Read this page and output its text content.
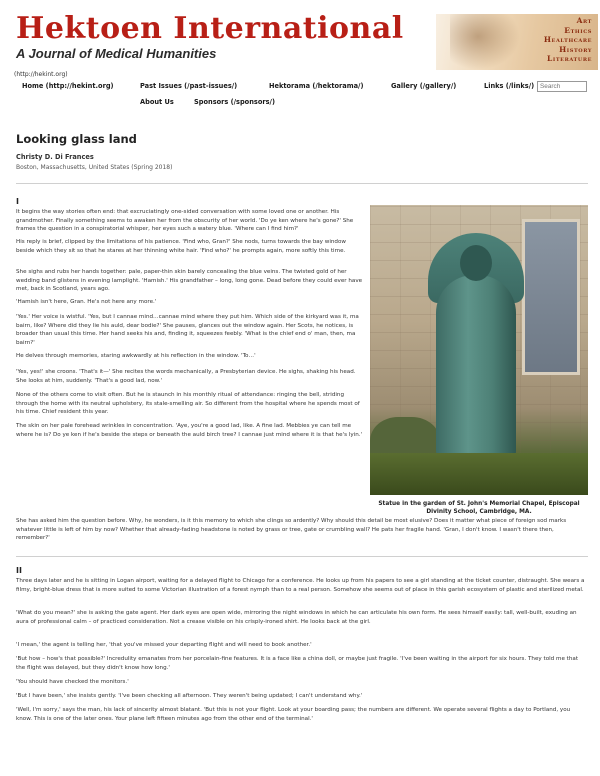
Hektoen International
A Journal of Medical Humanities
Art
Ethics
Healthcare
History
Literature
(http://hekint.org)
Home (http://hekint.org)	Past Issues (/past-issues/)	Hektorama (/hektorama/)	Gallery (/gallery/)	Links (/links/)
About Us	Sponsors (/sponsors/)
Search
Looking glass land
Christy D. Di Frances
Boston, Massachusetts, United States (Spring 2018)
I
It begins the way stories often end: that excruciatingly one-sided conversation with some loved one or another. His grandmother. Finally something seems to awaken her from the obscurity of her world. 'Do ye ken where he's gone?' She frames the question in a conspiratorial whisper, her eyes such a watery blue. 'Where can I find him?'
His reply is brief, clipped by the limitations of his patience. 'Find who, Gran?' She nods, turns towards the bay window beside which they sit so that he stares at her thinning white hair. 'Find who?' he prompts again, more softly this time.
She sighs and rubs her hands together: pale, paper-thin skin barely concealing the blue veins. The twisted gold of her wedding band glistens in evening lamplight. 'Hamish.' His grandfather – long, long gone. Dead before they could ever have met, back in Scotland, years ago.
'Hamish isn't here, Gran. He's not here any more.'
'Yes.' Her voice is wistful. 'Yes, but I cannae mind…cannae mind where they put him. Which side of the kirkyard was it, ma bairn, like? Where did they lie his auld, dear bodie?' She pauses, glances out the window again. Her Scots, he notices, is broader than usual this time. Her hand seeks his and, finding it, squeezes feebly. 'What is the chief end o' man, then, ma bairn?'
He delves through memories, staring awkwardly at his reflection in the window. 'To…'
'Yes, yes!' she croons. 'That's it—' She recites the words mechanically, a Presbyterian device. He sighs, shaking his head. She looks at him, suddenly. 'That's a good lad, now.'
None of the others come to visit often. But he is staunch in his monthly ritual of attendance: ringing the bell, striding through the home with its neutral upholstery, its stale-smelling air. So different from the hospital where he spends most of his time. Chief resident this year.
The skin on her pale forehead wrinkles in concentration. 'Aye, you're a good lad, like. A fine lad. Mebbies ye can tell me where he is? Do ye ken if he's beside the steps or beneath the auld birch tree? I cannae just mind where it is that he's lyin.'
She has asked him the question before. Why, he wonders, is it this memory to which she clings so ardently? Why should this detail be most elusive? Does it matter what piece of foreign sod marks whatever little is left of him by now? Whether that already-fading headstone is noted by grass or tree, gate or crumbling wall? He pats her fragile hand. 'Gran, I don't know. I wasn't there then, remember?'
Statue in the garden of St. John's Memorial Chapel, Episcopal Divinity School, Cambridge, MA.
II
Three days later and he is sitting in Logan airport, waiting for a delayed flight to Chicago for a conference. He looks up from his papers to see a girl standing at the ticket counter, distraught. She wears a filmy, bright-blue dress that is more suited to some Victorian illustration of a forest nymph than to a real person. Somehow she seems out of place in this garish ecosystem of plastic and sterilized metal.
'What do you mean?' she is asking the gate agent. Her dark eyes are open wide, mirroring the night windows in which he can articulate his own form. He sees himself easily: tall, well-built, exuding an aura of professional calm – of practiced consideration. Not a crease visible on his crisply-ironed shirt. He looks back at the girl.
'I mean,' the agent is telling her, 'that you've missed your departing flight and will need to book another.'
'But how – how's that possible?' Incredulity emanates from her porcelain-fine features. It is a face like a china doll, or maybe just fragile. 'I've been waiting in the airport for six hours. They told me that the flight was delayed, but they didn't know how long.'
'You should have checked the monitors.'
'But I have been,' she insists gently. 'I've been checking all afternoon. They weren't being updated; I can't understand why.'
'Well, I'm sorry,' says the man, his lack of sincerity almost blatant. 'But this is not your flight. Look at your boarding pass; the numbers are different. We operate several flights a day to Portland, you know. This is one of the later ones. Your plane left fifteen minutes ago from the other end of the terminal.'
